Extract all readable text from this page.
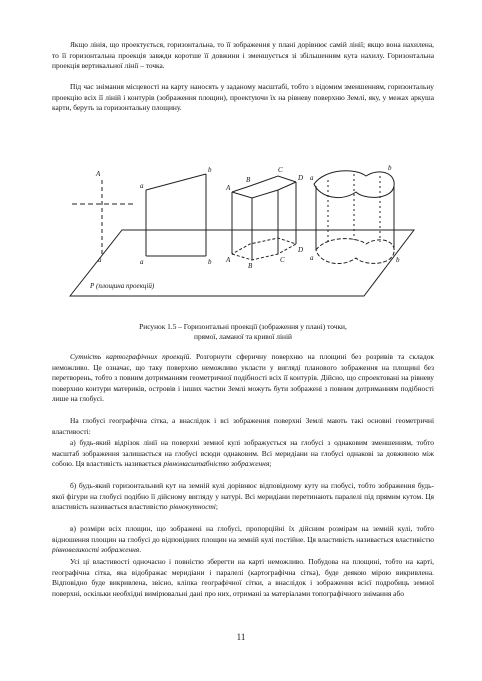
Якщо лінія, що проектується, горизонтальна, то її зображення у плані дорівнює самій лінії; якщо вона нахилена, то її горизонтальна проекція завжди коротше її довжини і зменшується зі збільшенням кута нахилу. Горизонтальна проекція вертикальної лінії – точка.

Під час знімання місцевості на карту наносять у заданому масштабі, тобто з відомим зменшенням, горизонтальну проекцію всіх її ліній і контурів (зображення площин), проектуючи їх на рівневу поверхню Землі, яку, у межах аркуша карти, беруть за горизонтальну площину.

A
a
a
b
A
B
C
D a
b
a	b A
B
C
D
a	b
Р (площина проекцій)

Рисунок 1.5 – Горизонтальні проекції (зображення у плані) точки,
прямої, ламаної та кривої ліній

Сутність картографічних проекцій. Розгорнути сферичну поверхню на площині без розривів та складок неможливо. Це означає, що таку поверхню неможливо укласти у вигляді планового зображення на площині без перетворень, тобто з повним дотриманням геометричної подібності всіх її контурів. Дійсно, що спроектовані на рівневу поверхню контури материків, островів і інших частин Землі можуть бути зображені з повним дотриманням подібності лише на глобусі.

На глобусі географічна сітка, а внаслідок і всі зображення поверхні Землі мають такі основні геометричні властивості:

а) будь-який відрізок лінії на поверхні земної кулі зображується на глобусі з однаковим зменшенням, тобто масштаб зображення залишається на глобусі всюди однаковим. Всі меридіани на глобусі однакові за довжиною між собою. Ця властивість називається рівномасштабністю зображення;

б) будь-який горизонтальний кут на земній кулі дорівнює відповідному куту на глобусі, тобто зображення будь-якої фігури на глобусі подібно її дійсному вигляду у натурі. Всі меридіани перетинають паралелі під прямим кутом. Ця властивість називається властивістю рівнокутності;

в) розміри всіх площин, що зображені на глобусі, пропорційні їх дійсним розмірам на земній кулі, тобто відношення площин на глобусі до відповідних площин на земній кулі постійне. Ця властивість називається властивістю рівновеликості зображення.

Усі ці властивості одночасно і повністю зберегти на карті неможливо. Побудова на площині, тобто на карті, географічна сітка, яка відображає меридіани і паралелі (картографічна сітка), буде деякою мірою викривлена. Відповідно буде викривлена, звісно, кліпка географічної сітки, а внаслідок і зображення всієї подробиць земної поверхні, оскільки необхідні вимірювальні дані про них, отримані за матеріалами топографічного знімання або

11
